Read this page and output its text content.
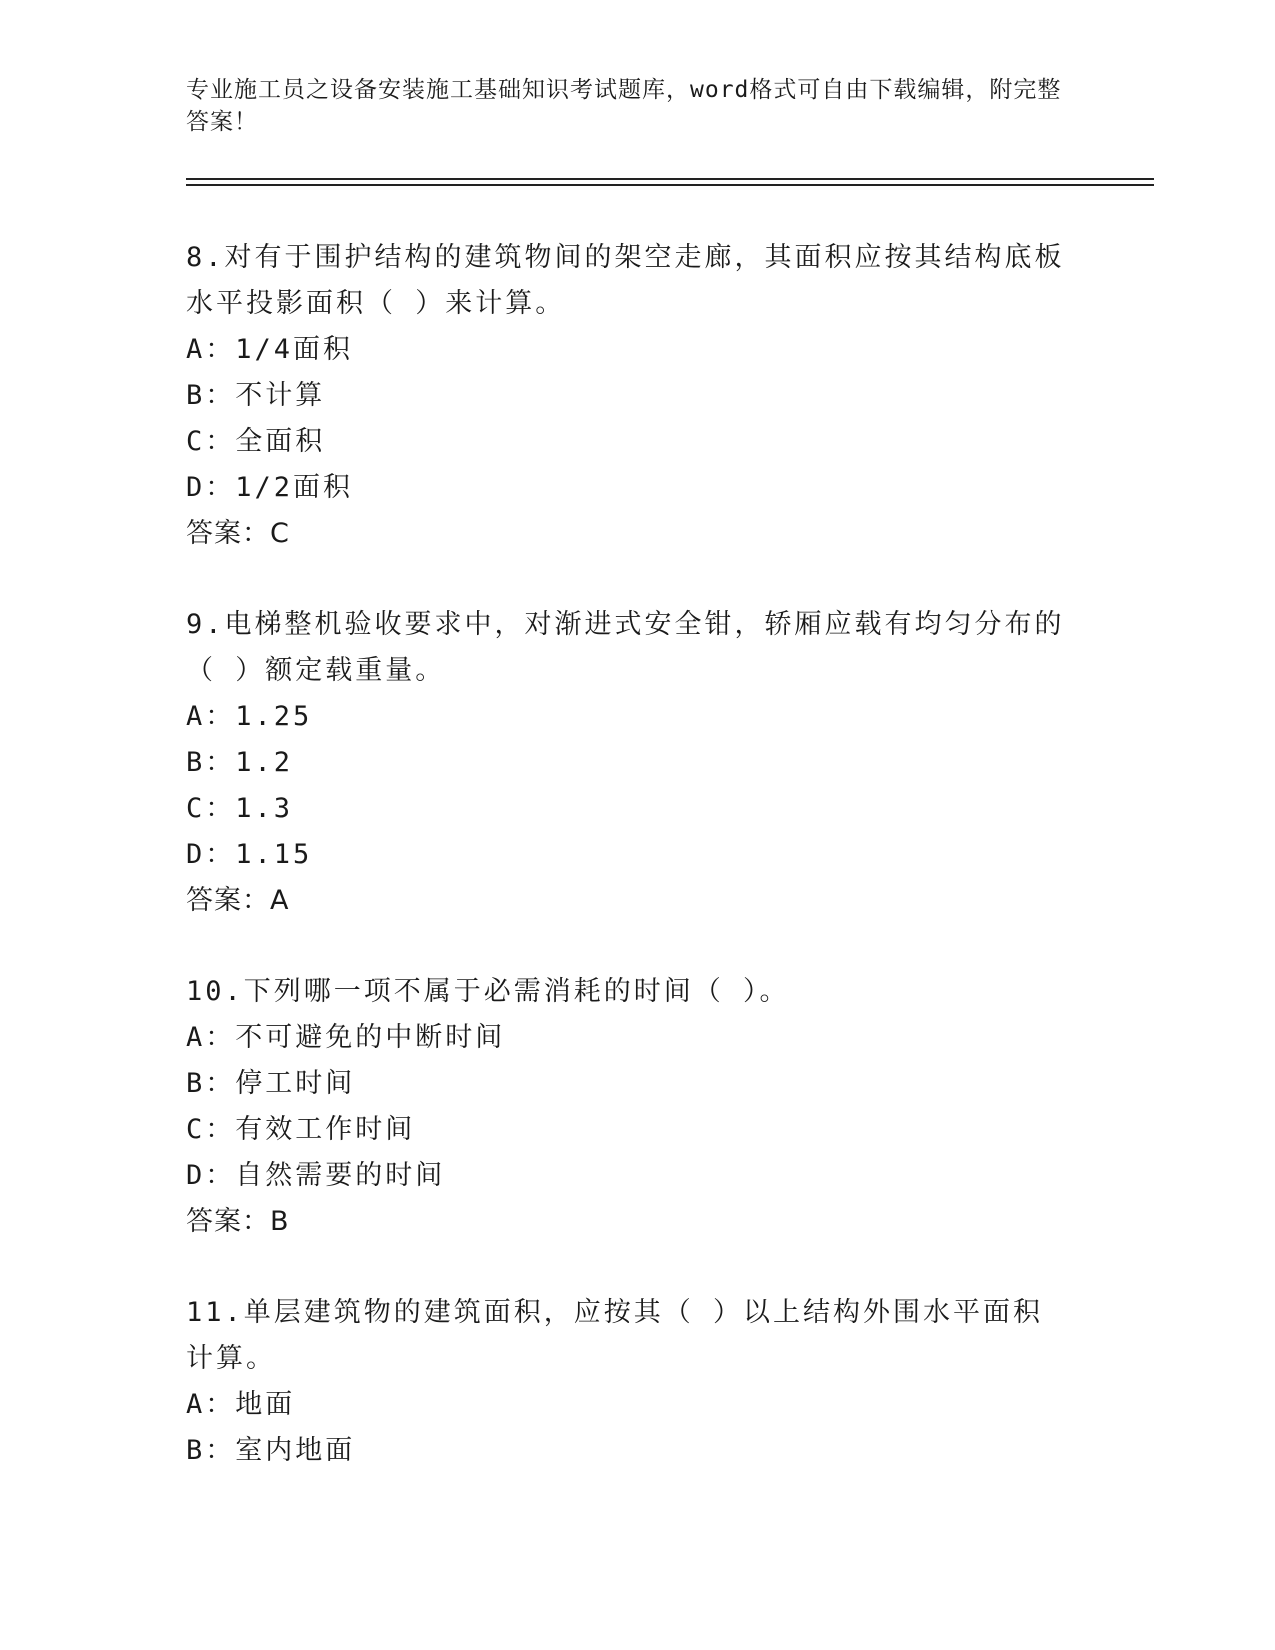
专业施工员之设备安装施工基础知识考试题库，word格式可自由下载编辑，附完整答案！
8.对有于围护结构的建筑物间的架空走廊，其面积应按其结构底板水平投影面积（ ）来计算。
A：1/4面积
B：不计算
C：全面积
D：1/2面积
答案：C
9.电梯整机验收要求中，对渐进式安全钳，轿厢应载有均匀分布的（ ）额定载重量。
A：1.25
B：1.2
C：1.3
D：1.15
答案：A
10.下列哪一项不属于必需消耗的时间（ ）。
A：不可避免的中断时间
B：停工时间
C：有效工作时间
D：自然需要的时间
答案：B
11.单层建筑物的建筑面积，应按其（ ）以上结构外围水平面积计算。
A：地面
B：室内地面
